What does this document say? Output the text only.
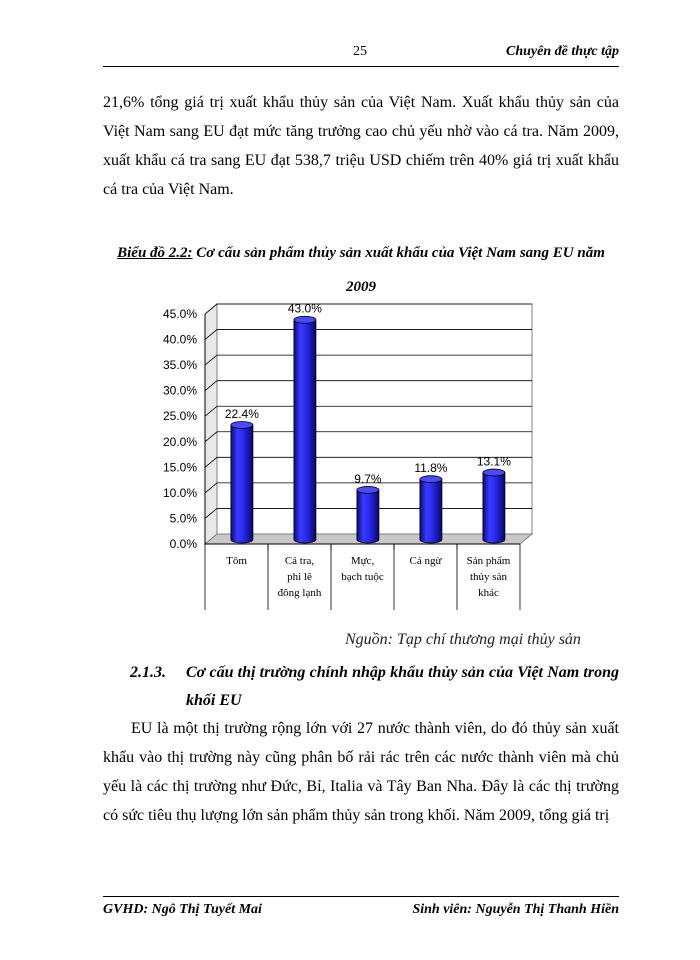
25	Chuyên đề thực tập

21,6% tổng giá trị xuất khẩu thủy sản của Việt Nam. Xuất khẩu thủy sản của Việt Nam sang EU đạt mức tăng trưởng cao chủ yếu nhờ vào cá tra. Năm 2009, xuất khẩu cá tra sang EU đạt 538,7 triệu USD chiếm trên 40% giá trị xuất khẩu cá tra của Việt Nam.

Biểu đồ 2.2: Cơ cấu sản phẩm thủy sản xuất khẩu của Việt Nam sang EU năm 2009
0.0%
5.0%
10.0%
15.0%
20.0%
25.0%
30.0%
35.0%
40.0%
45.0%
22.4%
Tôm
43.0%
Cá tra,
phi lê
đông lạnh
9.7%
Mực,
bạch tuộc
11.8%
Cá ngừ
13.1%
Sản phẩm
thủy sản
khác
Nguồn: Tạp chí thương mại thủy sản
2.1.3. Cơ cấu thị trường chính nhập khẩu thủy sản của Việt Nam trong khối EU

EU là một thị trường rộng lớn với 27 nước thành viên, do đó thủy sản xuất khẩu vào thị trường này cũng phân bố rải rác trên các nước thành viên mà chủ yếu là các thị trường như Đức, Bỉ, Italia và Tây Ban Nha. Đây là các thị trường có sức tiêu thụ lượng lớn sản phẩm thủy sản trong khối. Năm 2009, tổng giá trị

GVHD: Ngô Thị Tuyết Mai	Sinh viên: Nguyễn Thị Thanh Hiền
